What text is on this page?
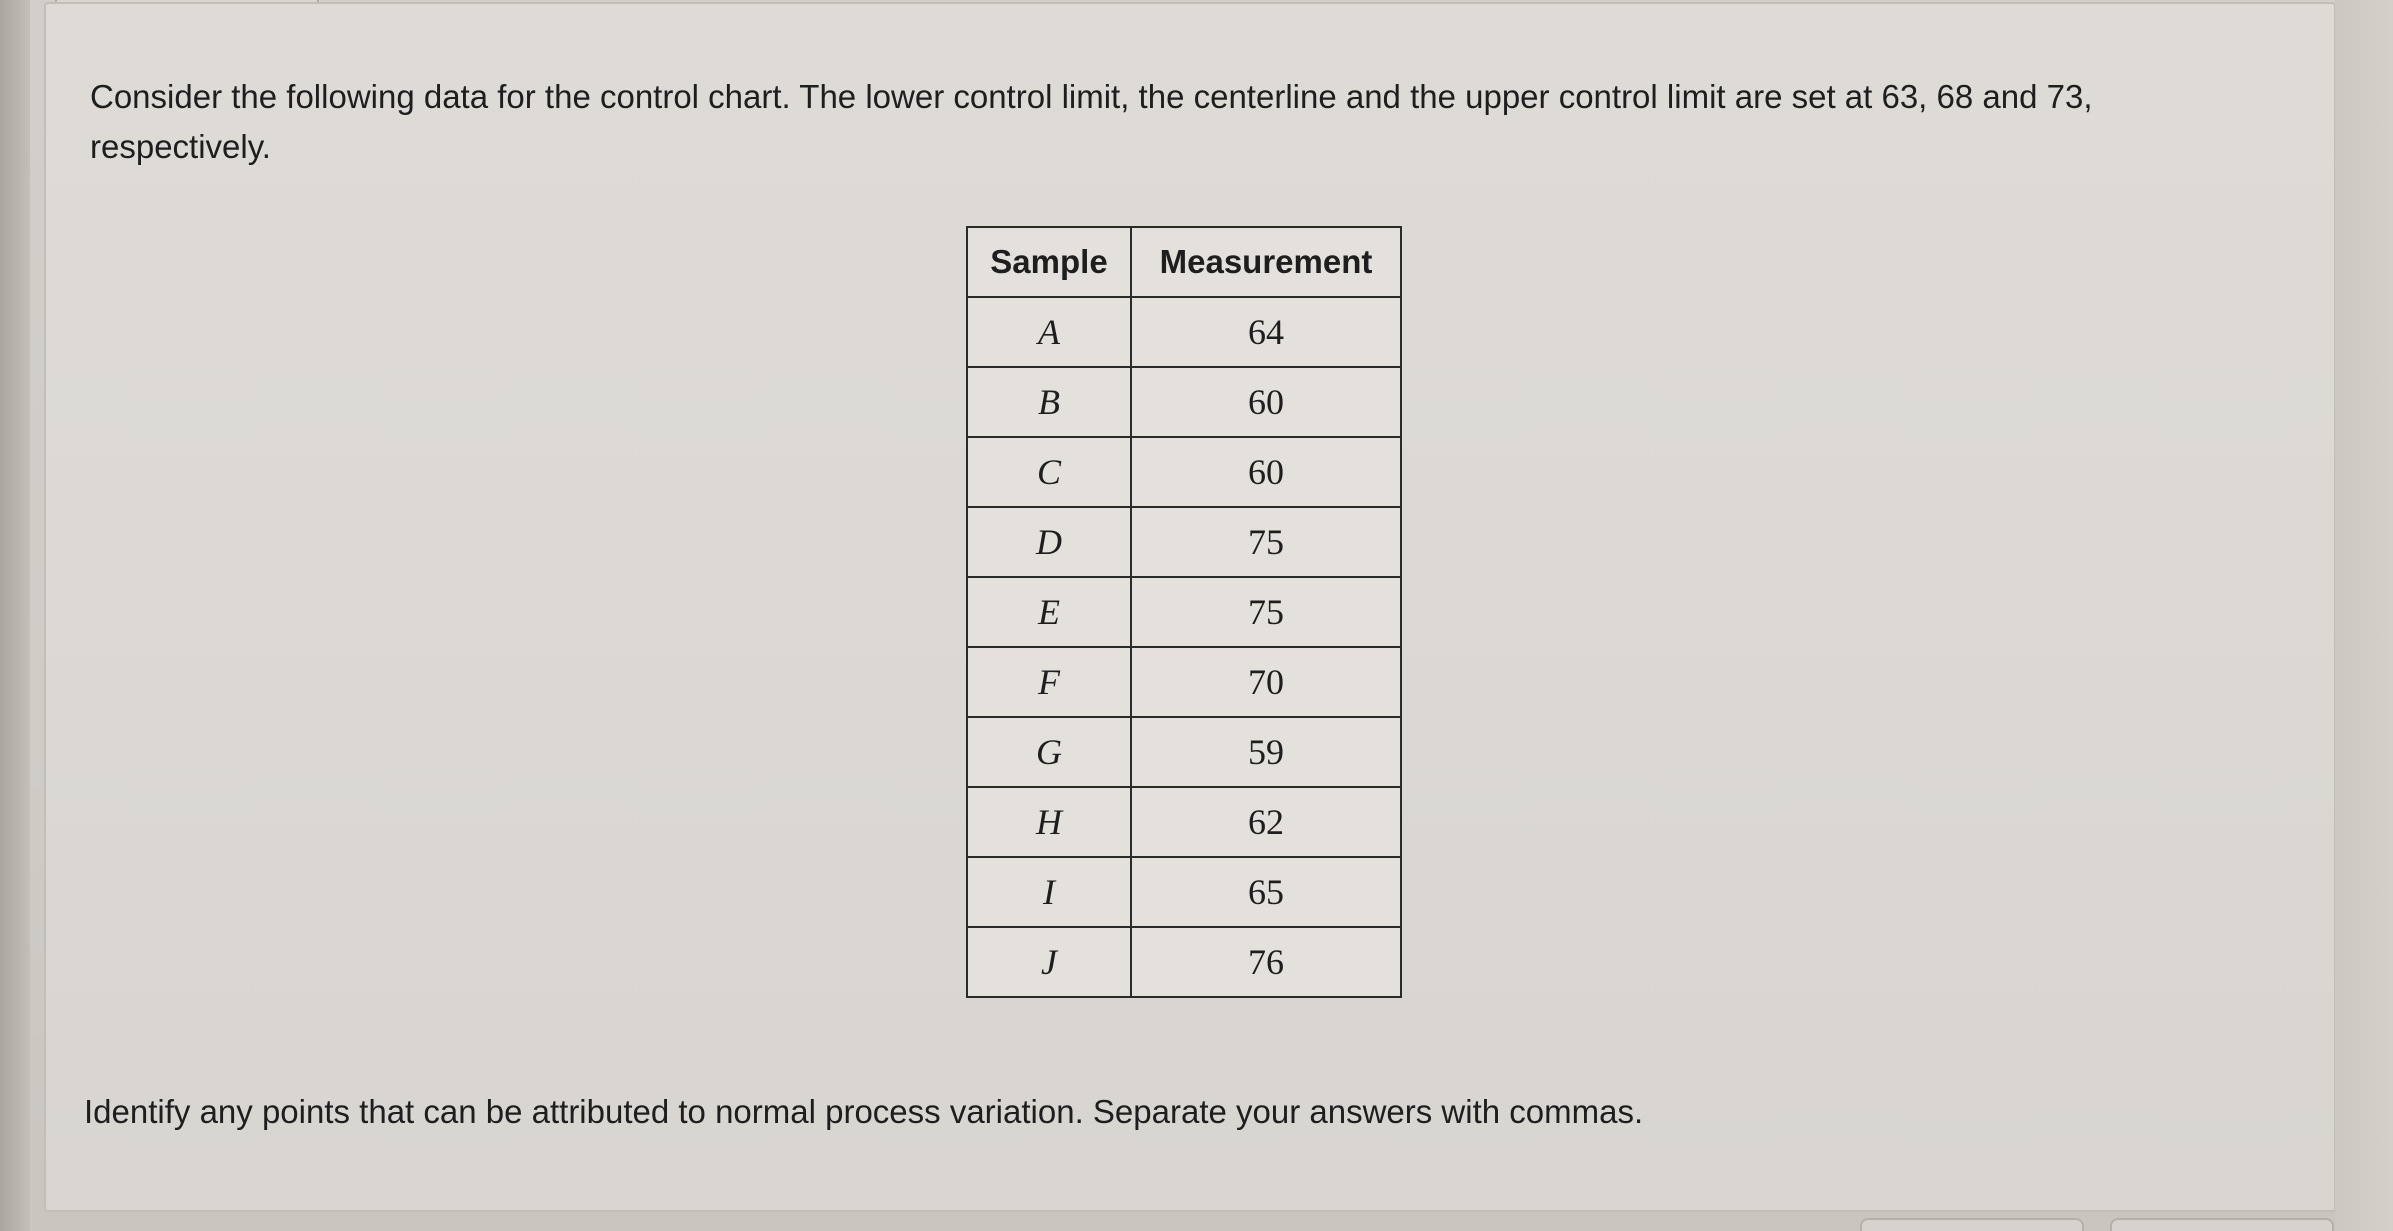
Consider the following data for the control chart. The lower control limit, the centerline and the upper control limit are set at 63, 68 and 73, respectively.

Sample	Measurement
A	64
B	60
C	60
D	75
E	75
F	70
G	59
H	62
I	65
J	76

Identify any points that can be attributed to normal process variation. Separate your answers with commas.
